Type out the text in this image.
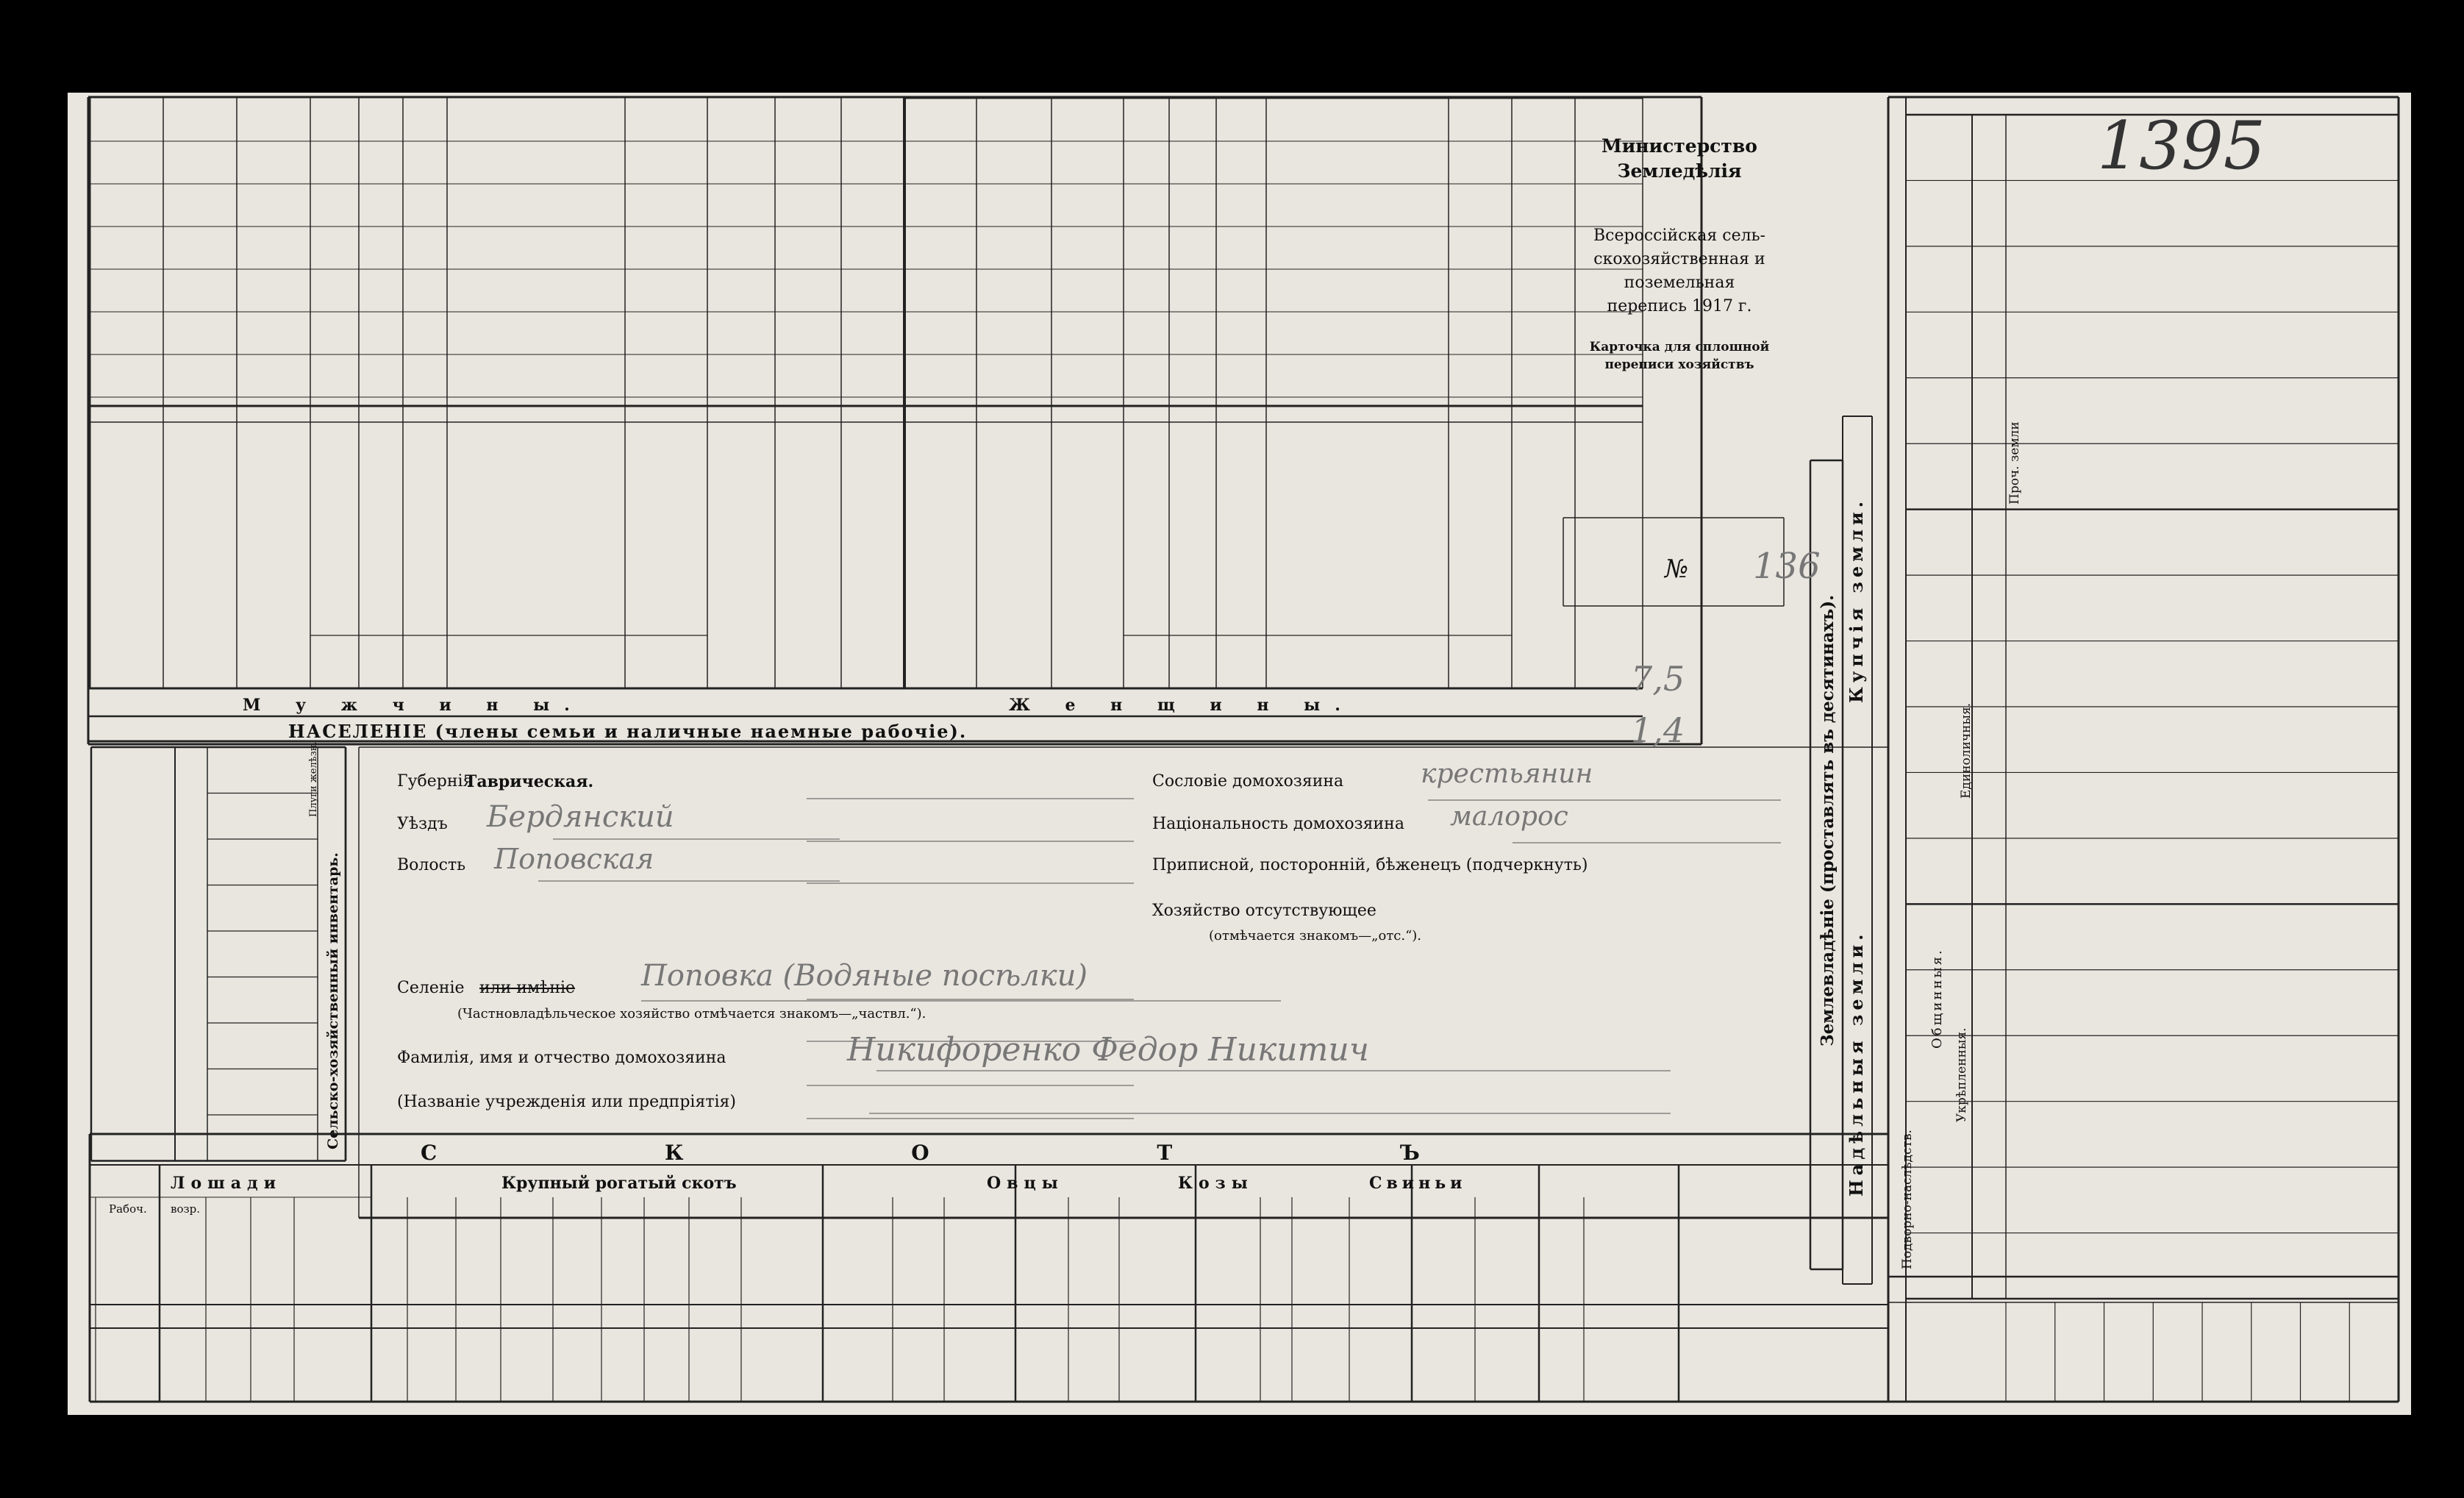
Министерство
Земледѣлія
Всероссійская сель-
скохозяйственная и
поземельная
перепись 1917 г.
Карточка для сплошной
переписи хозяйствъ
№ 136
1395
7,5
1,4
М у ж ч и н ы.	Ж е н щ и н ы.
НАСЕЛЕНІЕ (члены семьи и наличные наемные рабочіе).
Сельско-хозяйственный инвентарь.
Плуги желѣзн.	Губернія
Таврическая.
Уѣздъ Бердянский
Волость Поповская
Селеніе или имѣніе Поповка (Водяные посѣлки)
(Частновладѣльческое хозяйство отмѣчается знакомъ—„частвл.“).
Фамилія, имя и отчество домохозяина	Никифоренко Федор Никитич
(Названіе учрежденія или предпріятія)
Сословіе домохозяина	крестьянин
Національность домохозяина малорос
Приписной, посторонній, бѣженецъ (подчеркнуть)
Хозяйство отсутствующее
(отмѣчается знакомъ—„отс.“).
С К О Т Ъ
Лошади
Рабоч. возр.
Крупный рогатый скотъ	Овцы	Козы	Свиньи
Землевладѣніе (проставлять въ десятинахъ).
Надѣльныя земли.
Купчія земли.
Подворно-наслѣдств.
Общинныя.
Укрѣпленныя.
Единоличныя.
Проч. земли
